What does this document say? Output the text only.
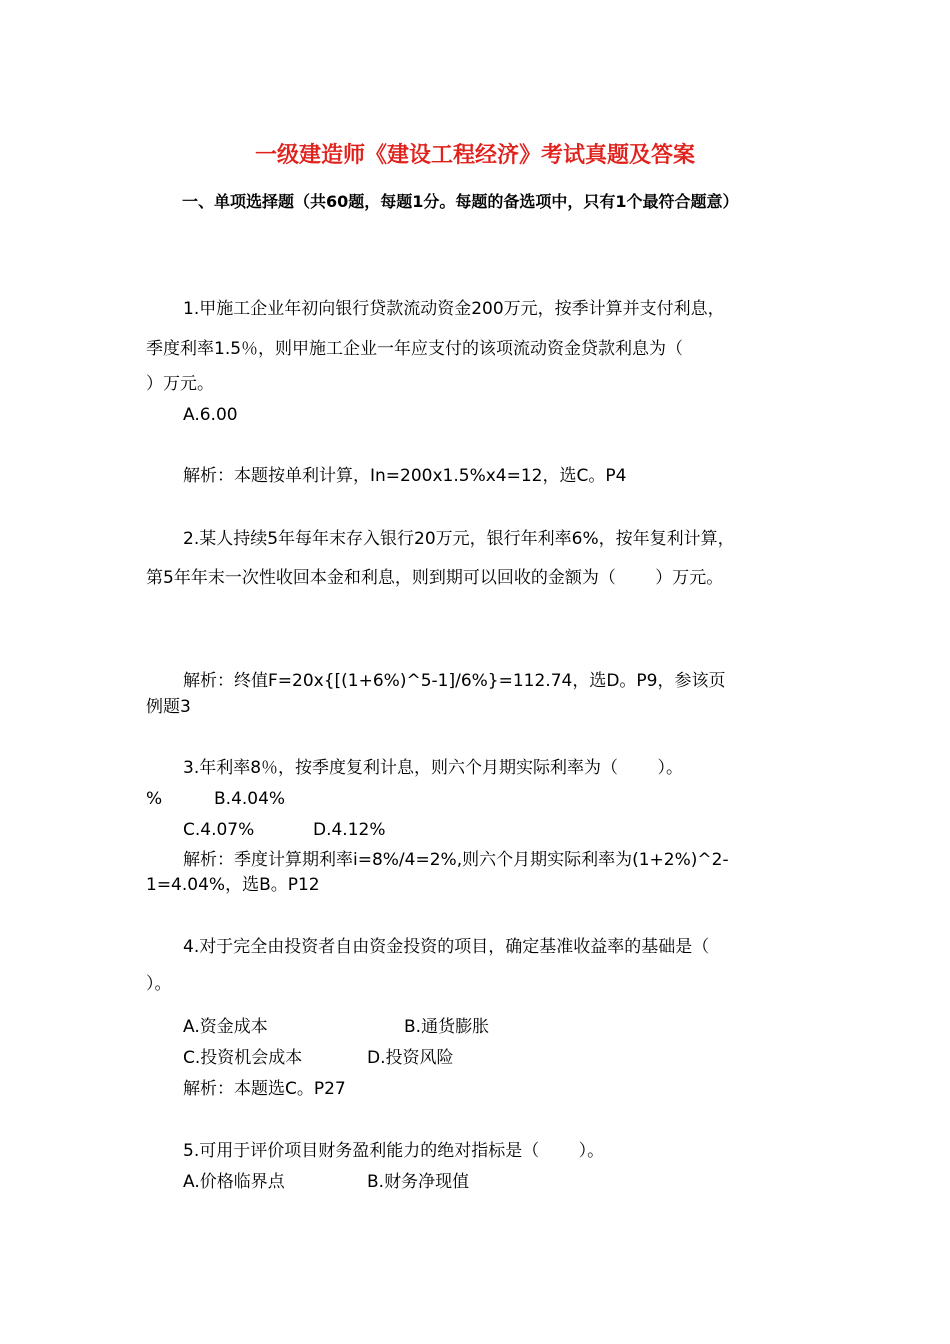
一级建造师《建设工程经济》考试真题及答案
一、单项选择题（共60题，每题1分。每题的备选项中，只有1个最符合题意）
1.甲施工企业年初向银行贷款流动资金200万元，按季计算并支付利息，
季度利率1.5％，则甲施工企业一年应支付的该项流动资金贷款利息为（
）万元。
A.6.00
解析：本题按单利计算，In=200x1.5%x4=12，选C。P4
2.某人持续5年每年末存入银行20万元，银行年利率6%，按年复利计算，
第5年年末一次性收回本金和利息，则到期可以回收的金额为（　　 ）万元。
解析：终值F=20x{[(1+6%)^5-1]/6%}=112.74，选D。P9，参该页
例题3
3.年利率8％，按季度复利计息，则六个月期实际利率为（　　 ）。
%	B.4.04%
C.4.07%	D.4.12%
解析：季度计算期利率i=8%/4=2%,则六个月期实际利率为(1+2%)^2-
1=4.04%，选B。P12
4.对于完全由投资者自由资金投资的项目，确定基准收益率的基础是（
）。
A.资金成本	B.通货膨胀
C.投资机会成本	D.投资风险
解析：本题选C。P27
5.可用于评价项目财务盈利能力的绝对指标是（　　 ）。
A.价格临界点	B.财务净现值
